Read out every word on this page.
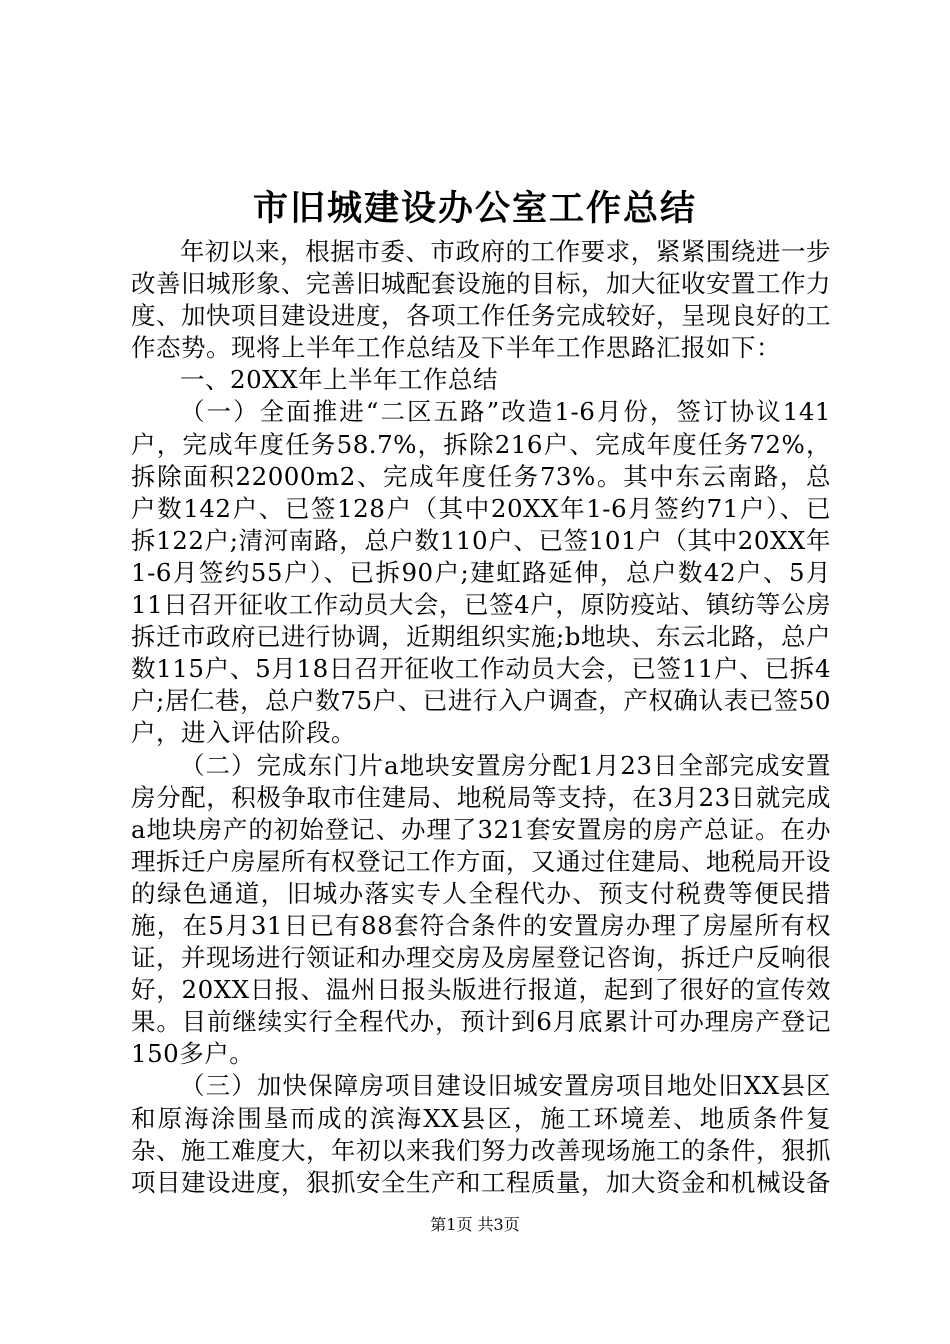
市旧城建设办公室工作总结

年初以来，根据市委、市政府的工作要求，紧紧围绕进一步改善旧城形象、完善旧城配套设施的目标，加大征收安置工作力度、加快项目建设进度，各项工作任务完成较好，呈现良好的工作态势。现将上半年工作总结及下半年工作思路汇报如下：

一、20XX年上半年工作总结

（一）全面推进“二区五路”改造1-6月份，签订协议141户，完成年度任务58.7%，拆除216户、完成年度任务72%，拆除面积22000m2、完成年度任务73%。其中东云南路，总户数142户、已签128户（其中20XX年1-6月签约71户）、已拆122户;清河南路，总户数110户、已签101户（其中20XX年1-6月签约55户）、已拆90户;建虹路延伸，总户数42户、5月11日召开征收工作动员大会，已签4户，原防疫站、镇纺等公房拆迁市政府已进行协调，近期组织实施;b地块、东云北路，总户数115户、5月18日召开征收工作动员大会，已签11户、已拆4户;居仁巷，总户数75户、已进行入户调查，产权确认表已签50户，进入评估阶段。

（二）完成东门片a地块安置房分配1月23日全部完成安置房分配，积极争取市住建局、地税局等支持，在3月23日就完成a地块房产的初始登记、办理了321套安置房的房产总证。在办理拆迁户房屋所有权登记工作方面，又通过住建局、地税局开设的绿色通道，旧城办落实专人全程代办、预支付税费等便民措施，在5月31日已有88套符合条件的安置房办理了房屋所有权证，并现场进行领证和办理交房及房屋登记咨询，拆迁户反响很好，20XX日报、温州日报头版进行报道，起到了很好的宣传效果。目前继续实行全程代办，预计到6月底累计可办理房产登记150多户。

（三）加快保障房项目建设旧城安置房项目地处旧XX县区和原海涂围垦而成的滨海XX县区，施工环境差、地质条件复杂、施工难度大，年初以来我们努力改善现场施工的条件，狠抓项目建设进度，狠抓安全生产和工程质量，加大资金和机械设备

第1页 共3页
